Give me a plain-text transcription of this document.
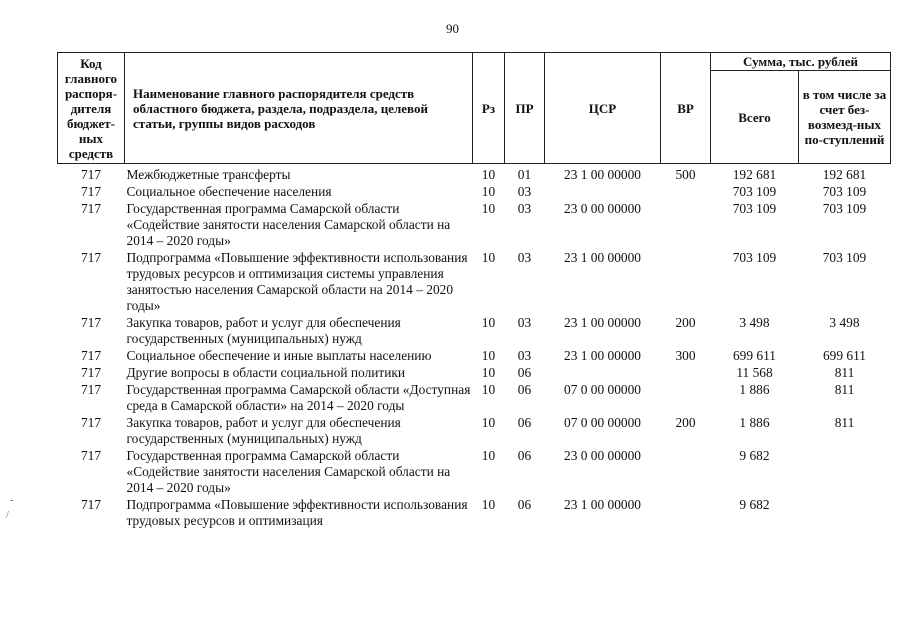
90
Код главного распоря-дителя бюджет-ных средств	Наименование главного распорядителя средств областного бюджета, раздела, подраздела, целевой статьи, группы видов расходов	Рз	ПР	ЦСР	ВР	Сумма, тыс. рублей	
						Всего	в том числе за счет без-возмезд-ных по-ступлений
717	Межбюджетные трансферты	10	01	23 1 00 00000	500	192 681	192 681
717	Социальное обеспечение населения	10	03			703 109	703 109
717	Государственная программа Самарской области «Содействие занятости населения Самарской области на 2014 – 2020 годы»	10	03	23 0 00 00000		703 109	703 109
717	Подпрограмма «Повышение эффективности использования трудовых ресурсов и оптимизация системы управления занятостью населения Самарской области на 2014 – 2020 годы»	10	03	23 1 00 00000		703 109	703 109
717	Закупка товаров, работ и услуг для обеспечения государственных (муниципальных) нужд	10	03	23 1 00 00000	200	3 498	3 498
717	Социальное обеспечение и иные выплаты населению	10	03	23 1 00 00000	300	699 611	699 611
717	Другие вопросы в области социальной политики	10	06			11 568	811
717	Государственная программа Самарской области «Доступная среда в Самарской области» на 2014 – 2020 годы	10	06	07 0 00 00000		1 886	811
717	Закупка товаров, работ и услуг для обеспечения государственных (муниципальных) нужд	10	06	07 0 00 00000	200	1 886	811
717	Государственная программа Самарской области «Содействие занятости населения Самарской области на 2014 – 2020 годы»	10	06	23 0 00 00000		9 682	
717	Подпрограмма «Повышение эффективности использования трудовых ресурсов и оптимизация	10	06	23 1 00 00000		9 682	
-
/
